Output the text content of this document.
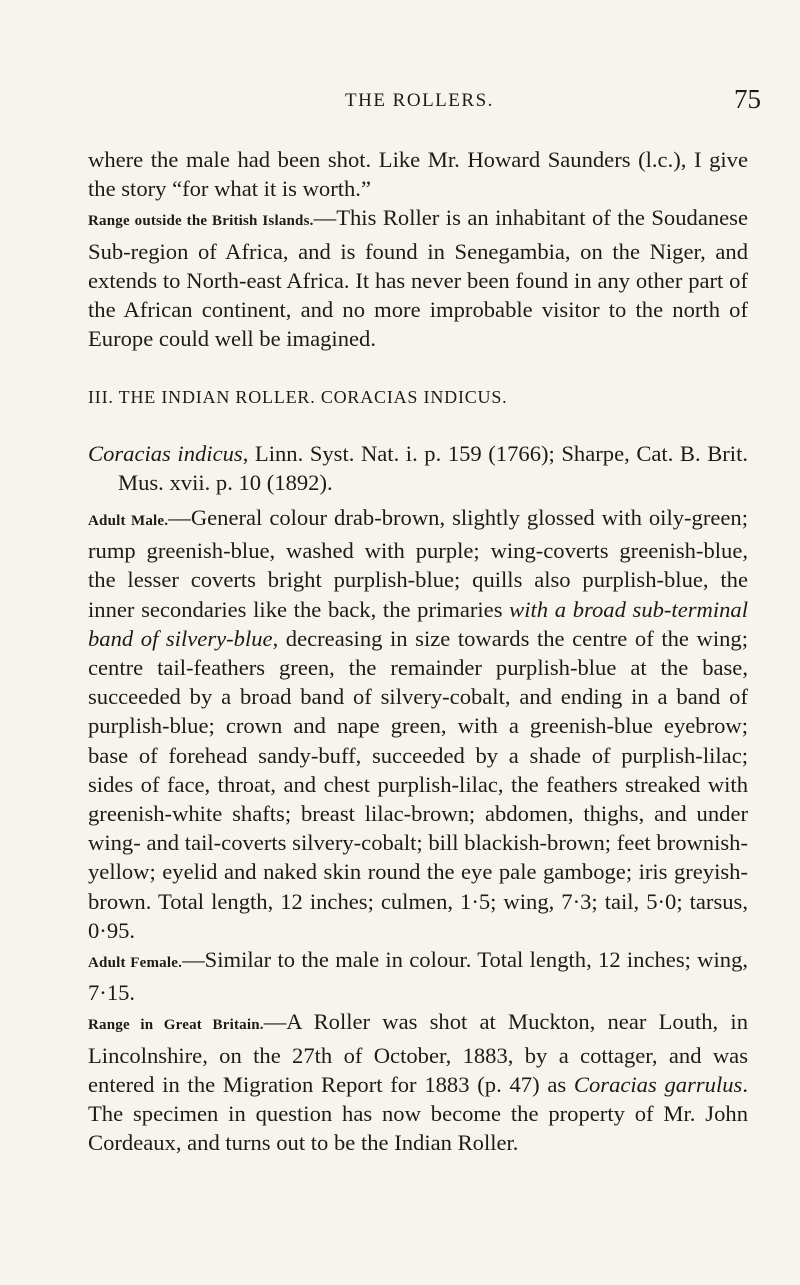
THE ROLLERS.	75

where the male had been shot. Like Mr. Howard Saunders (l.c.), I give the story “for what it is worth.”

Range outside the British Islands.—This Roller is an inhabitant of the Soudanese Sub-region of Africa, and is found in Senegambia, on the Niger, and extends to North-east Africa. It has never been found in any other part of the African continent, and no more improbable visitor to the north of Europe could well be imagined.

III. THE INDIAN ROLLER. CORACIAS INDICUS.

Coracias indicus, Linn. Syst. Nat. i. p. 159 (1766); Sharpe, Cat. B. Brit. Mus. xvii. p. 10 (1892).

Adult Male.—General colour drab-brown, slightly glossed with oily-green; rump greenish-blue, washed with purple; wing-coverts greenish-blue, the lesser coverts bright purplish-blue; quills also purplish-blue, the inner secondaries like the back, the primaries with a broad sub-terminal band of silvery-blue, decreasing in size towards the centre of the wing; centre tail-feathers green, the remainder purplish-blue at the base, succeeded by a broad band of silvery-cobalt, and ending in a band of purplish-blue; crown and nape green, with a greenish-blue eyebrow; base of forehead sandy-buff, succeeded by a shade of purplish-lilac; sides of face, throat, and chest purplish-lilac, the feathers streaked with greenish-white shafts; breast lilac-brown; abdomen, thighs, and under wing- and tail-coverts silvery-cobalt; bill blackish-brown; feet brownish-yellow; eyelid and naked skin round the eye pale gamboge; iris greyish-brown. Total length, 12 inches; culmen, 1·5; wing, 7·3; tail, 5·0; tarsus, 0·95.

Adult Female.—Similar to the male in colour. Total length, 12 inches; wing, 7·15.

Range in Great Britain.—A Roller was shot at Muckton, near Louth, in Lincolnshire, on the 27th of October, 1883, by a cottager, and was entered in the Migration Report for 1883 (p. 47) as Coracias garrulus. The specimen in question has now become the property of Mr. John Cordeaux, and turns out to be the Indian Roller.
